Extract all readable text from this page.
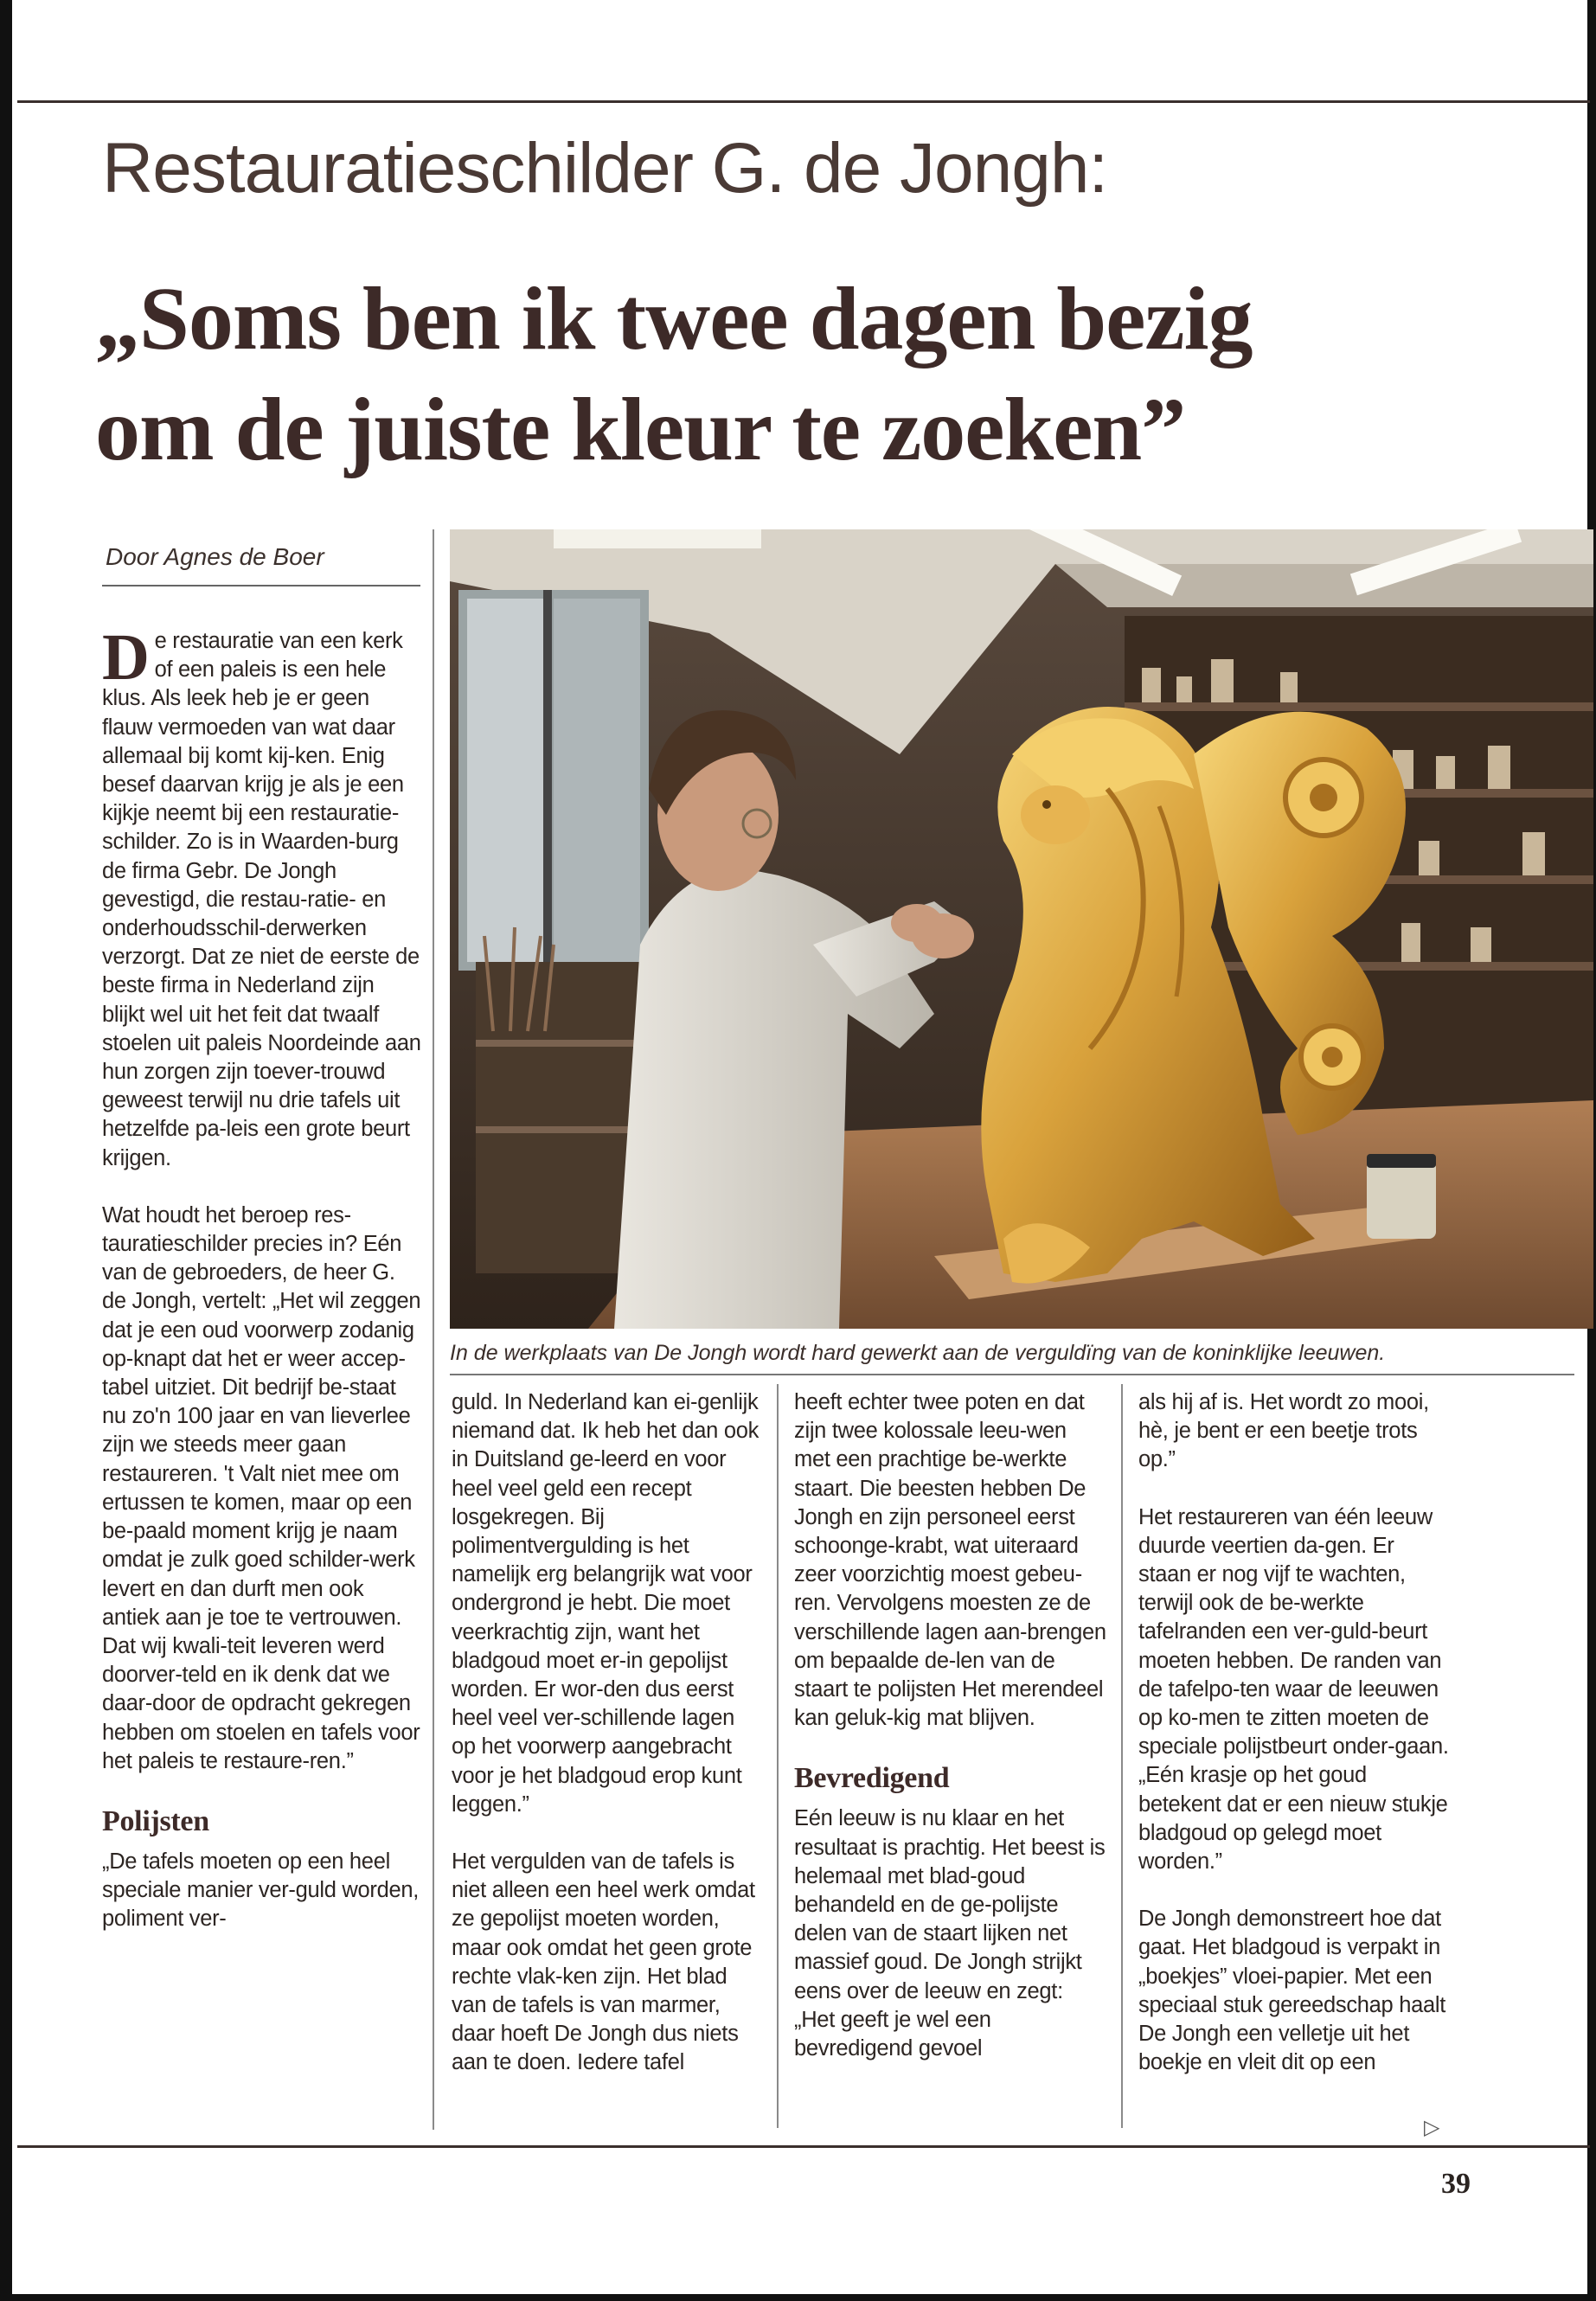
Restauratieschilder G. de Jongh:
„Soms ben ik twee dagen bezig
om de juiste kleur te zoeken”
Door Agnes de Boer

D e restauratie van een kerk of een paleis is een hele klus. Als leek heb je er geen flauw vermoeden van wat daar allemaal bij komt kij-ken. Enig besef daarvan krijg je als je een kijkje neemt bij een restauratie-schilder. Zo is in Waarden-burg de firma Gebr. De Jongh gevestigd, die restau-ratie- en onderhoudsschil-derwerken verzorgt. Dat ze niet de eerste de beste firma in Nederland zijn blijkt wel uit het feit dat twaalf stoelen uit paleis Noordeinde aan hun zorgen zijn toever-trouwd geweest terwijl nu drie tafels uit hetzelfde pa-leis een grote beurt krijgen.

Wat houdt het beroep res-tauratieschilder precies in? Eén van de gebroeders, de heer G. de Jongh, vertelt: „Het wil zeggen dat je een oud voorwerp zodanig op-knapt dat het er weer accep-tabel uitziet. Dit bedrijf be-staat nu zo'n 100 jaar en van lieverlee zijn we steeds meer gaan restaureren. 't Valt niet mee om ertussen te komen, maar op een be-paald moment krijg je naam omdat je zulk goed schilder-werk levert en dan durft men ook antiek aan je toe te vertrouwen. Dat wij kwali-teit leveren werd doorver-teld en ik denk dat we daar-door de opdracht gekregen hebben om stoelen en tafels voor het paleis te restaure-ren.”

Polijsten

„De tafels moeten op een heel speciale manier ver-guld worden, poliment ver-

In de werkplaats van De Jongh wordt hard gewerkt aan de verguldïng van de koninklijke leeuwen.

guld. In Nederland kan ei-genlijk niemand dat. Ik heb het dan ook in Duitsland ge-leerd en voor heel veel geld een recept losgekregen. Bij polimentvergulding is het namelijk erg belangrijk wat voor ondergrond je hebt. Die moet veerkrachtig zijn, want het bladgoud moet er-in gepolijst worden. Er wor-den dus eerst heel veel ver-schillende lagen op het voorwerp aangebracht voor je het bladgoud erop kunt leggen.”

Het vergulden van de tafels is niet alleen een heel werk omdat ze gepolijst moeten worden, maar ook omdat het geen grote rechte vlak-ken zijn. Het blad van de tafels is van marmer, daar hoeft De Jongh dus niets aan te doen. Iedere tafel

heeft echter twee poten en dat zijn twee kolossale leeu-wen met een prachtige be-werkte staart. Die beesten hebben De Jongh en zijn personeel eerst schoonge-krabt, wat uiteraard zeer voorzichtig moest gebeu-ren. Vervolgens moesten ze de verschillende lagen aan-brengen om bepaalde de-len van de staart te polijsten Het merendeel kan geluk-kig mat blijven.

Bevredigend

Eén leeuw is nu klaar en het resultaat is prachtig. Het beest is helemaal met blad-goud behandeld en de ge-polijste delen van de staart lijken net massief goud. De Jongh strijkt eens over de leeuw en zegt: „Het geeft je wel een bevredigend gevoel

als hij af is. Het wordt zo mooi, hè, je bent er een beetje trots op.”

Het restaureren van één leeuw duurde veertien da-gen. Er staan er nog vijf te wachten, terwijl ook de be-werkte tafelranden een ver-guld-beurt moeten hebben. De randen van de tafelpo-ten waar de leeuwen op ko-men te zitten moeten de speciale polijstbeurt onder-gaan. „Eén krasje op het goud betekent dat er een nieuw stukje bladgoud op gelegd moet worden.”

De Jongh demonstreert hoe dat gaat. Het bladgoud is verpakt in „boekjes” vloei-papier. Met een speciaal stuk gereedschap haalt De Jongh een velletje uit het boekje en vleit dit op een

▷
39
